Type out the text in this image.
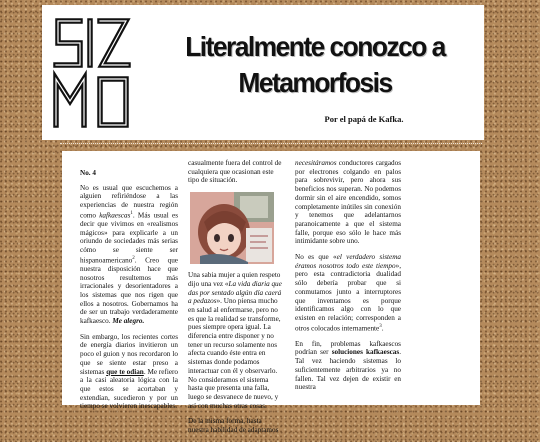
Literalmente conozco a
Metamorfosis
Por el papá de Kafka.
No. 4

No es usual que escuchemos a alguien refiriéndose a las experiencias de nuestra región como kafkaescas$^1$. Más usual es decir que vivimos en «realismos mágicos» para explicarle a un oriundo de sociedades más serias cómo se siente ser hispanoamericano$^2$. Creo que nuestra disposición hace que nosotros resultemos más irracionales y desorientadores a los sistemas que nos rigen que ellos a nosotros. Gobernamos ha de ser un trabajo verdaderamente kafkaesco. Me alegro.

Sin embargo, los recientes cortes de energía diarios invitieron un poco el guion y nos recordaron lo que se siente estar preso a sistemas que te odian. Me refiero a la casi aleatoria lógica con la que estos se acortaban y extendían, sucedieron y por un tiempo se volvieron inescapables.

casualmente fuera del control de cualquiera que ocasionan este tipo de situación.

Una sabia mujer a quien respeto dijo una vez «La vida diaria que das por sentado algún día caerá a pedazos». Uno piensa mucho en salud al enfermarse, pero no es que la realidad se transforme, pues siempre opera igual. La diferencia entre disponer y no tener un recurso solamente nos afecta cuando éste entra en sistemas donde podamos interactuar con él y observarlo. No consideramos el sistema hasta que presenta una falla, luego se desvanece de nuevo, y así con muchas otras cosas.

De la misma forma, hasta nuestra habilidad de adaptamos

necesitáramos conductores cargados por electrones colgando en palos para sobrevivir, pero ahora sus beneficios nos superan. No podemos dormir sin el aire encendido, somos completamente inútiles sin conexión y tenemos que adelantarnos paranoicamente a que el sistema falle, porque eso sólo le hace más intimidante sobre uno.

No es que «el verdadero sistema éramos nosotros todo este tiempo», pero esta contradictoria dualidad sólo debería probar que si conmutamos junto a interruptores que inventamos es porque identificamos algo con lo que existen en relación; corresponden a otros colocados internamente$^3$.

En fin, problemas kafkaescos podrían ser soluciones kafkaescas. Tal vez haciendo sistemas lo suficientemente arbitrarios ya no fallen. Tal vez dejen de existir en nuestra
